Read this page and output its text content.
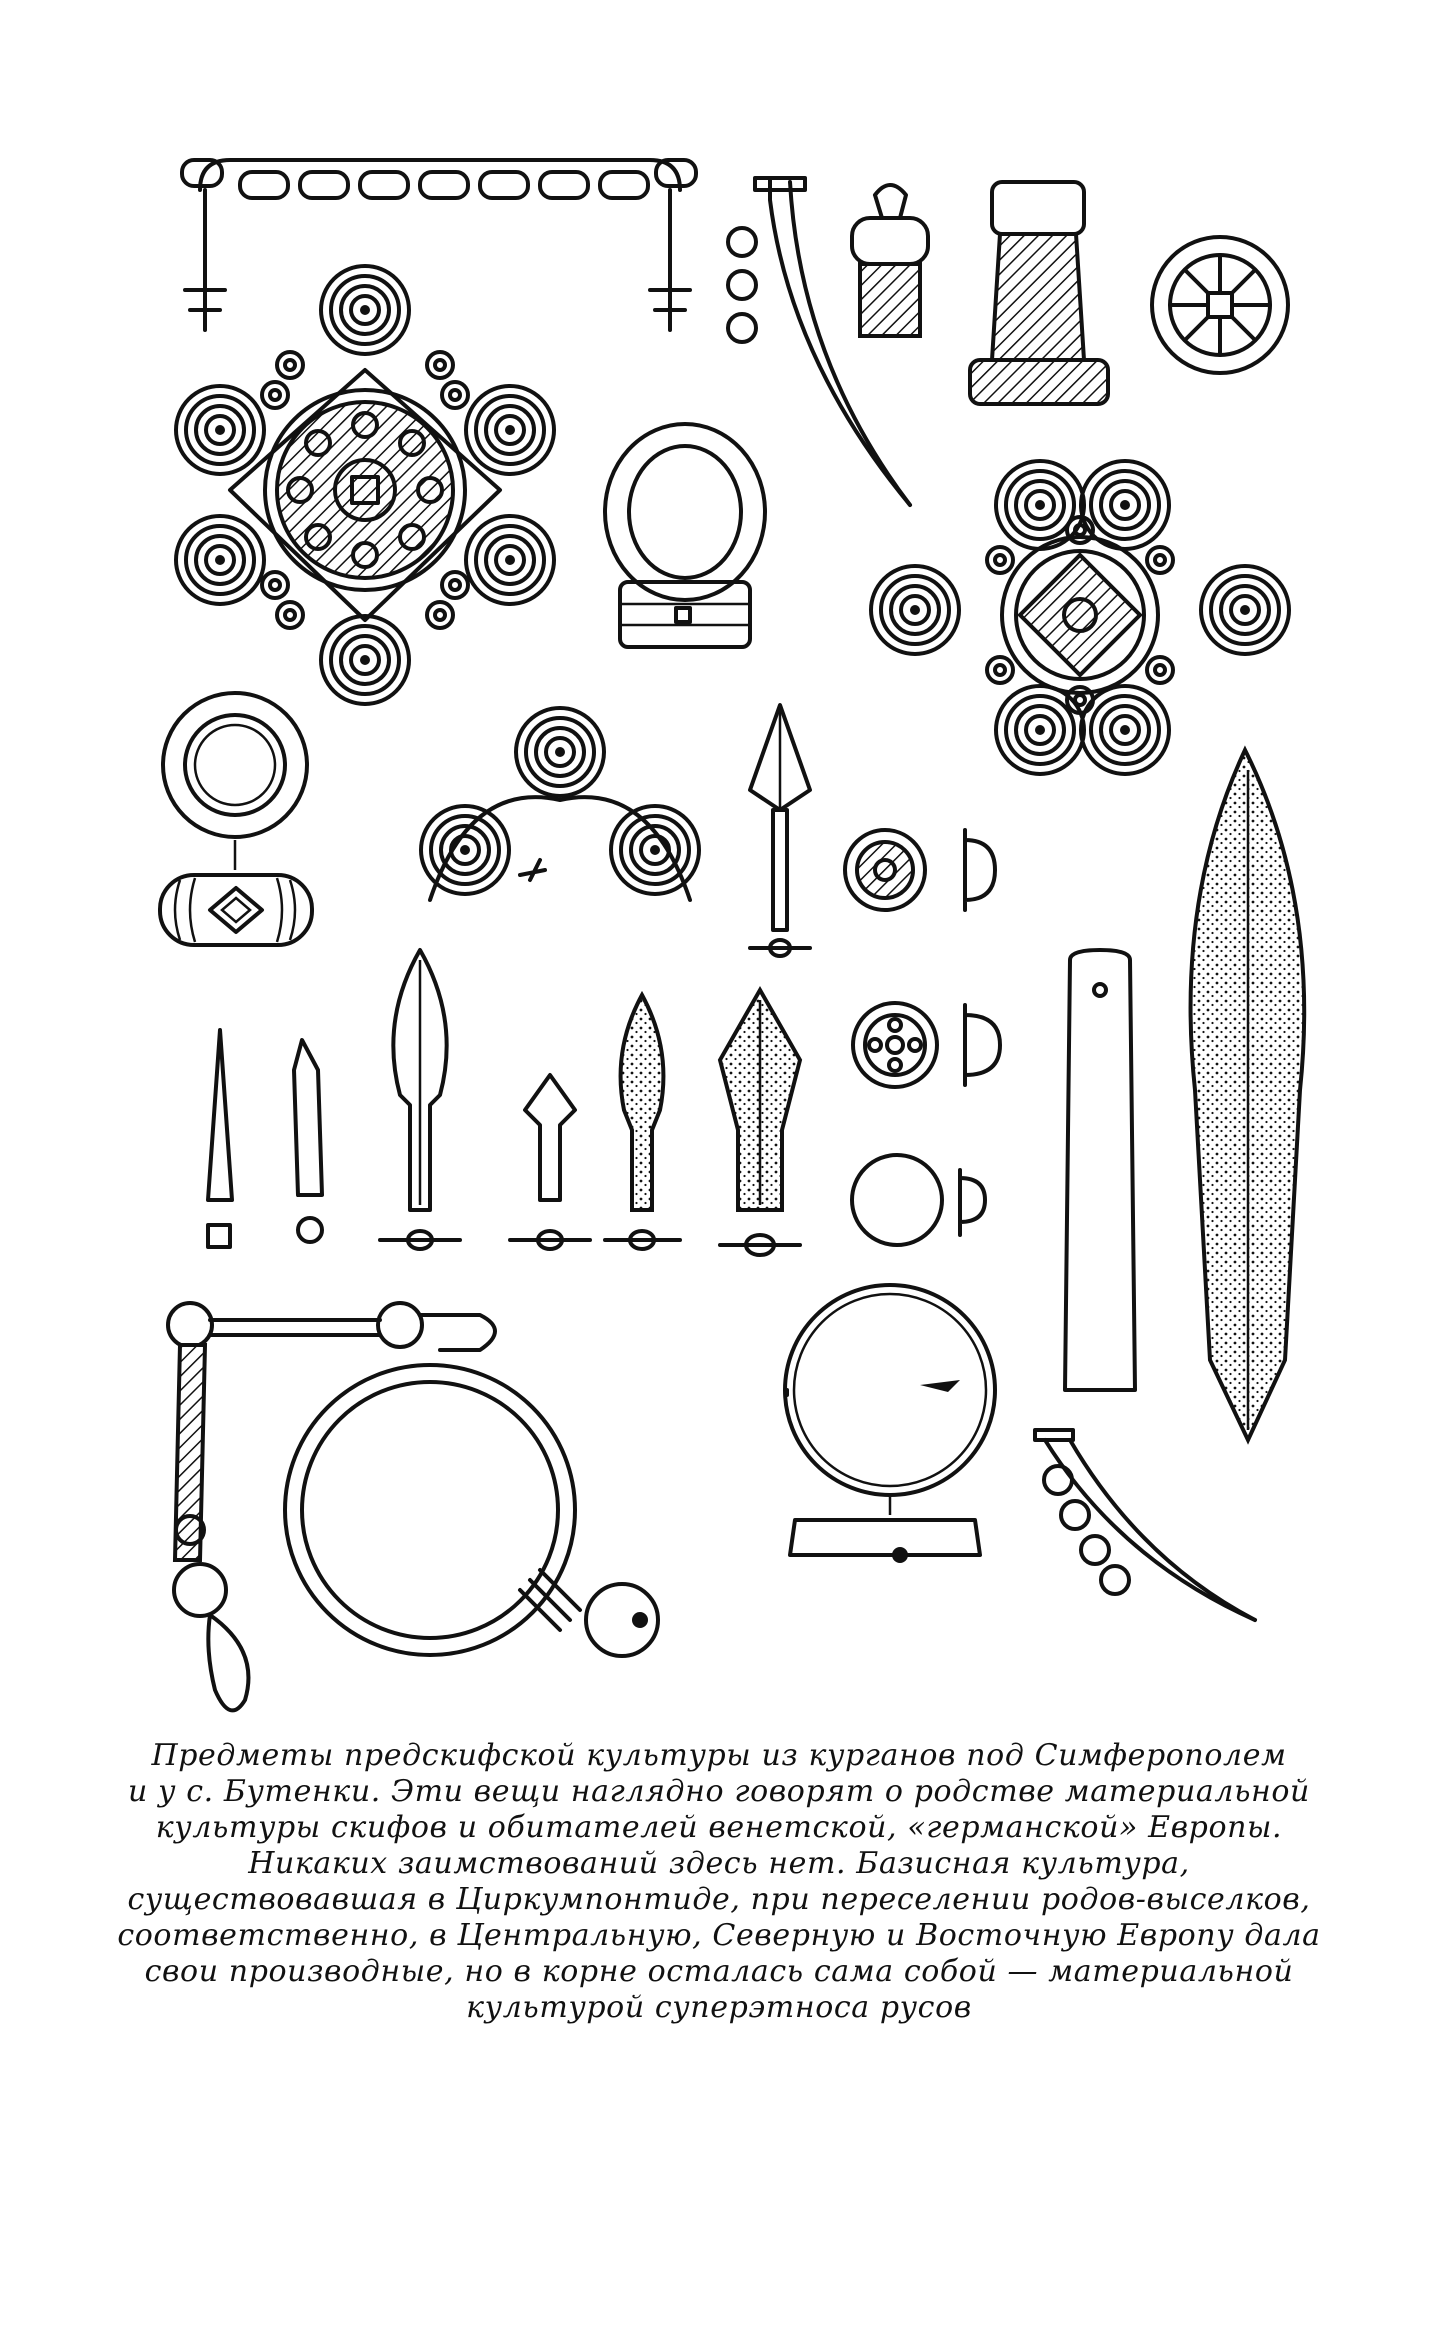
Предметы предскифской культуры из курганов под Симферополем
и у с. Бутенки. Эти вещи наглядно говорят о родстве материальной
культуры скифов и обитателей венетской, «германской» Европы.
Никаких заимствований здесь нет. Базисная культура,
существовавшая в Циркумпонтиде, при переселении родов-выселков,
соответственно, в Центральную, Северную и Восточную Европу дала
свои производные, но в корне осталась сама собой — материальной
культурой суперэтноса русов
